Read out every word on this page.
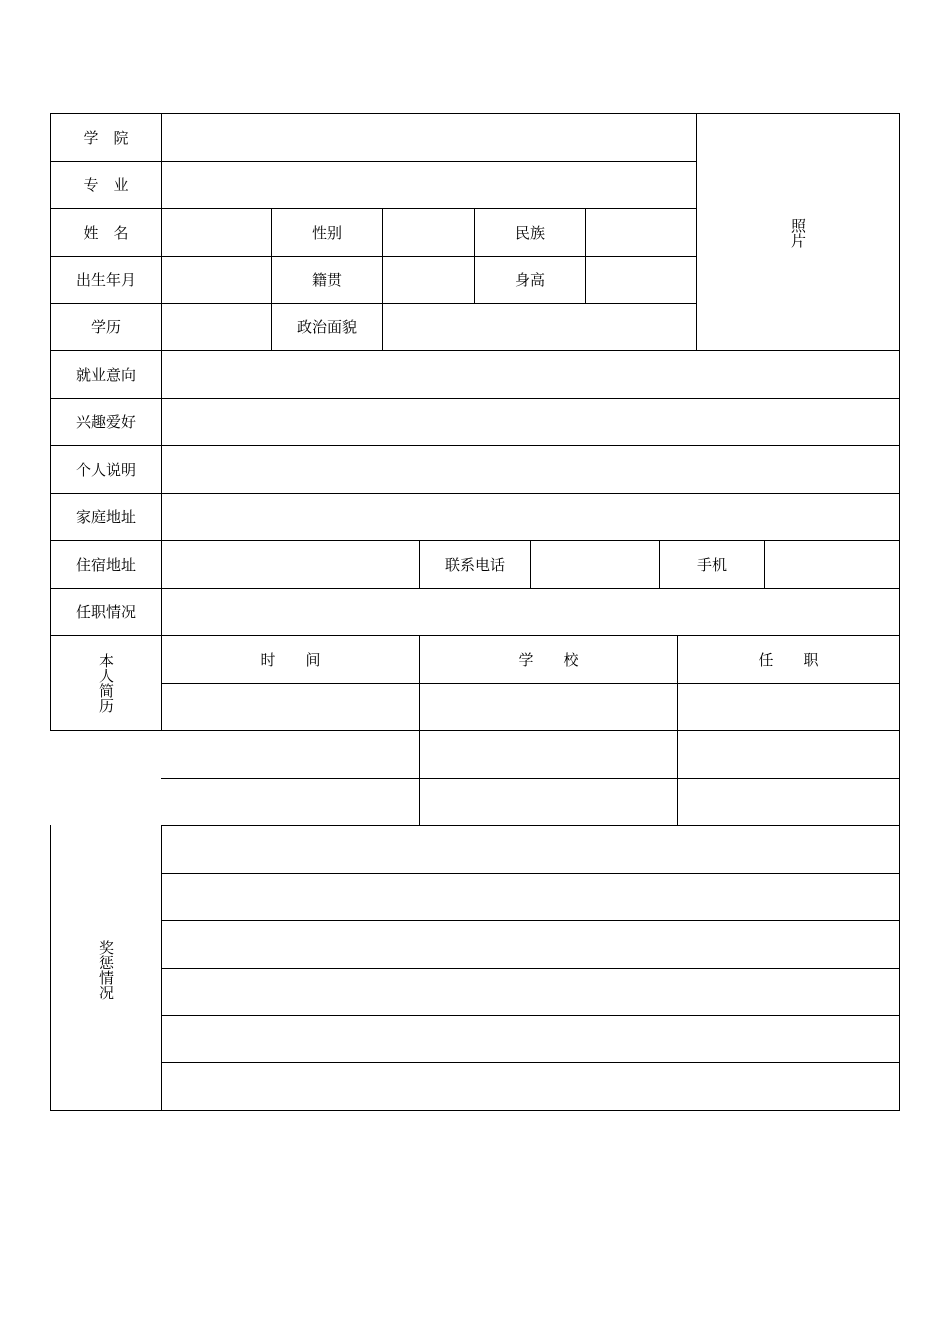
学　院
专　业
姓　名	性别	民族
出生年月	籍贯	身高
学历	政治面貌
照片
就业意向
兴趣爱好
个人说明
家庭地址
住宿地址	联系电话	手机
任职情况
本人简历	时　　间	学　　校	任　　职
奖惩情况
